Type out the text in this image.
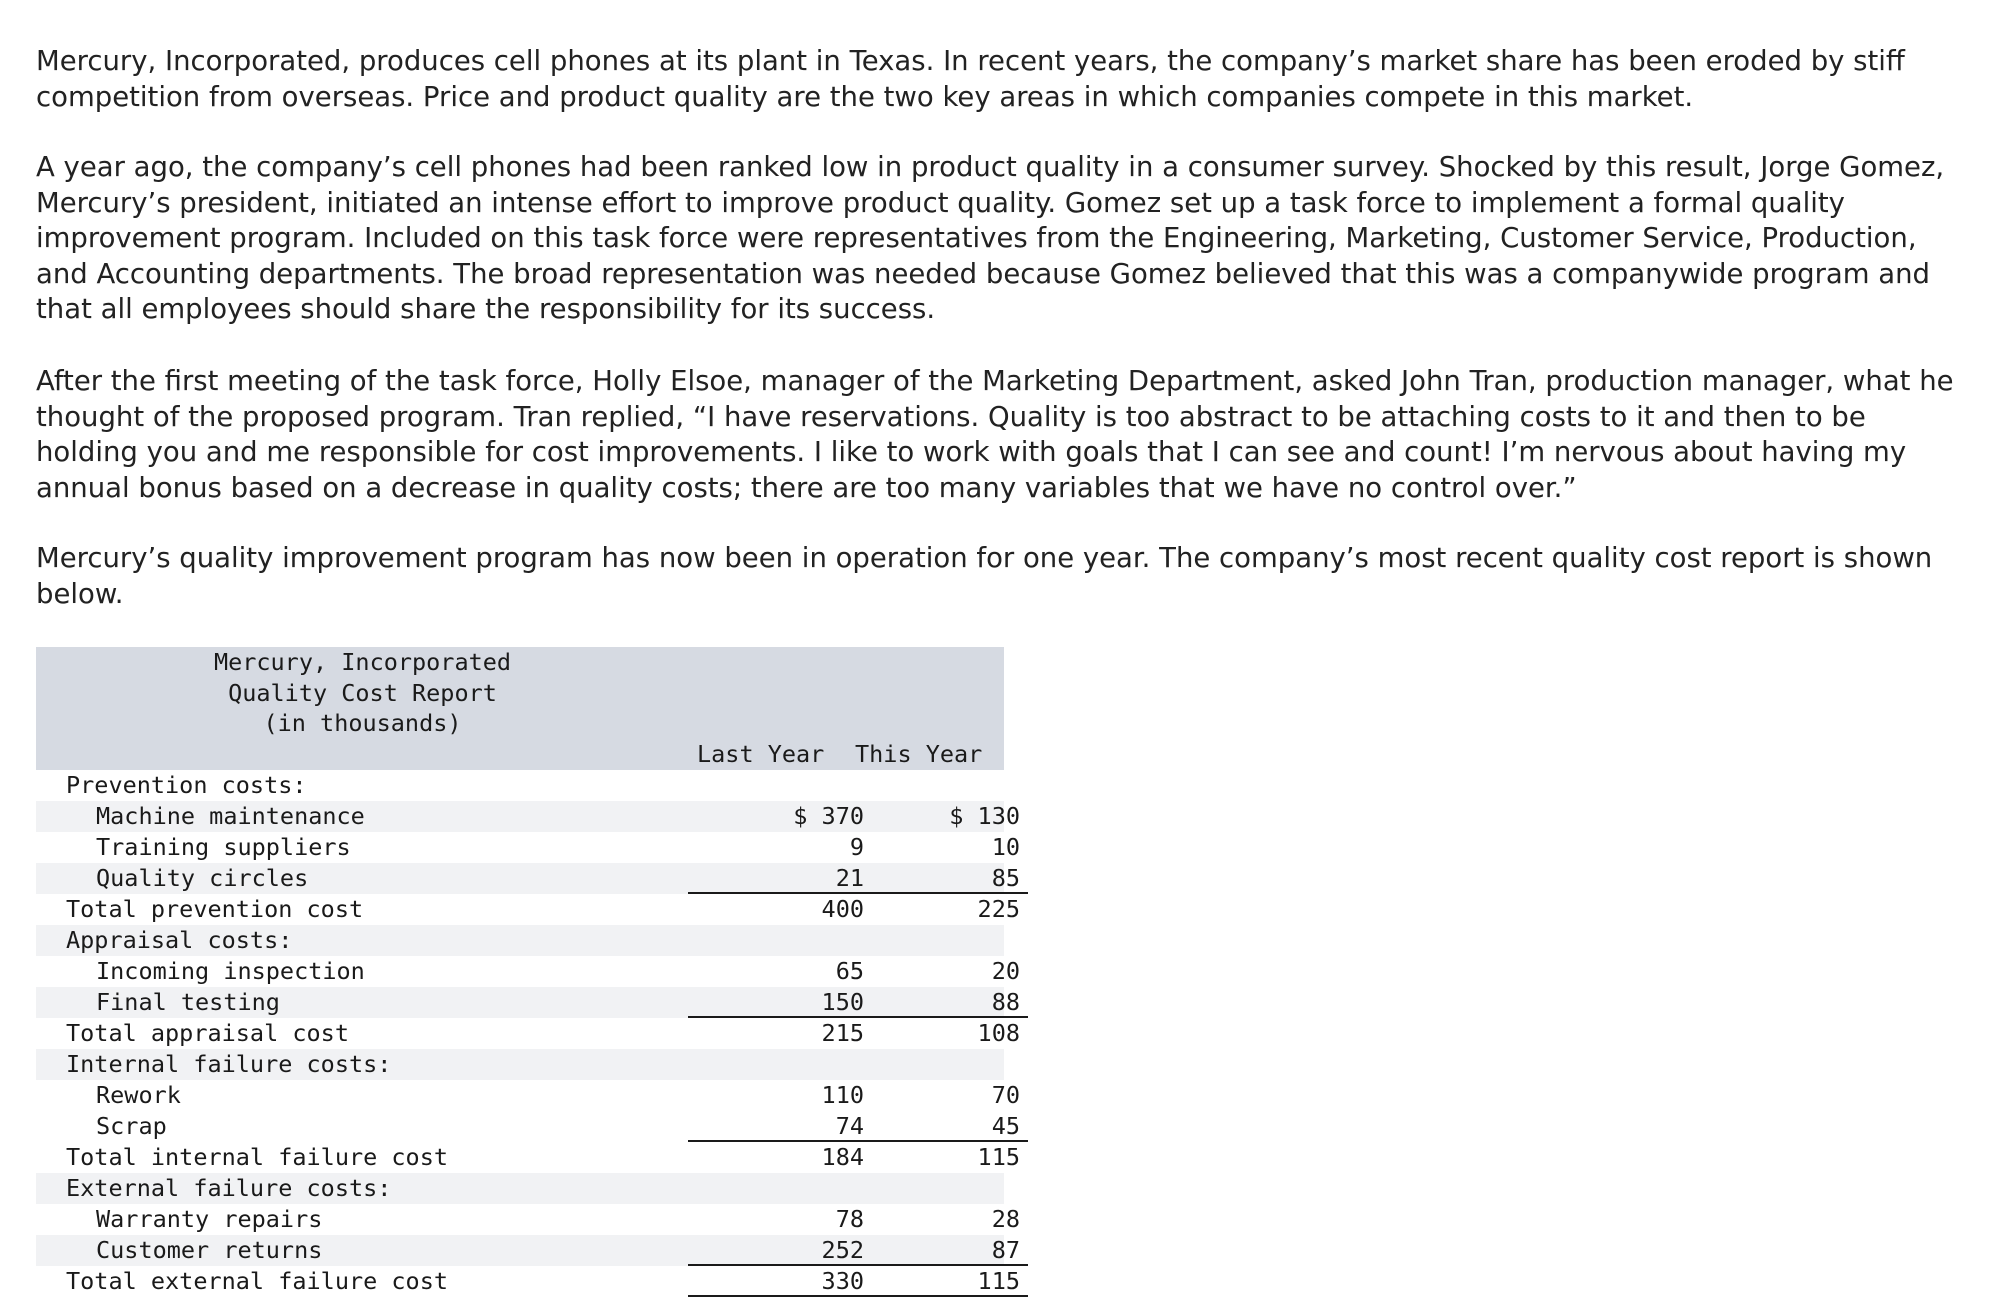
Mercury, Incorporated, produces cell phones at its plant in Texas. In recent years, the company’s market share has been eroded by stiff competition from overseas. Price and product quality are the two key areas in which companies compete in this market.

A year ago, the company’s cell phones had been ranked low in product quality in a consumer survey. Shocked by this result, Jorge Gomez, Mercury’s president, initiated an intense effort to improve product quality. Gomez set up a task force to implement a formal quality improvement program. Included on this task force were representatives from the Engineering, Marketing, Customer Service, Production, and Accounting departments. The broad representation was needed because Gomez believed that this was a companywide program and that all employees should share the responsibility for its success.

After the first meeting of the task force, Holly Elsoe, manager of the Marketing Department, asked John Tran, production manager, what he thought of the proposed program. Tran replied, “I have reservations. Quality is too abstract to be attaching costs to it and then to be holding you and me responsible for cost improvements. I like to work with goals that I can see and count! I’m nervous about having my annual bonus based on a decrease in quality costs; there are too many variables that we have no control over.”

Mercury’s quality improvement program has now been in operation for one year. The company’s most recent quality cost report is shown below.

Mercury, Incorporated
Quality Cost Report
(in thousands)
Last Year This Year
Prevention costs:
Machine maintenance	$ 370	$ 130
Training suppliers	9	10
Quality circles	21	85
Total prevention cost	400	225
Appraisal costs:
Incoming inspection	65	20
Final testing	150	88
Total appraisal cost	215	108
Internal failure costs:
Rework	110	70
Scrap	74	45
Total internal failure cost	184	115
External failure costs:
Warranty repairs	78	28
Customer returns	252	87
Total external failure cost	330	115
